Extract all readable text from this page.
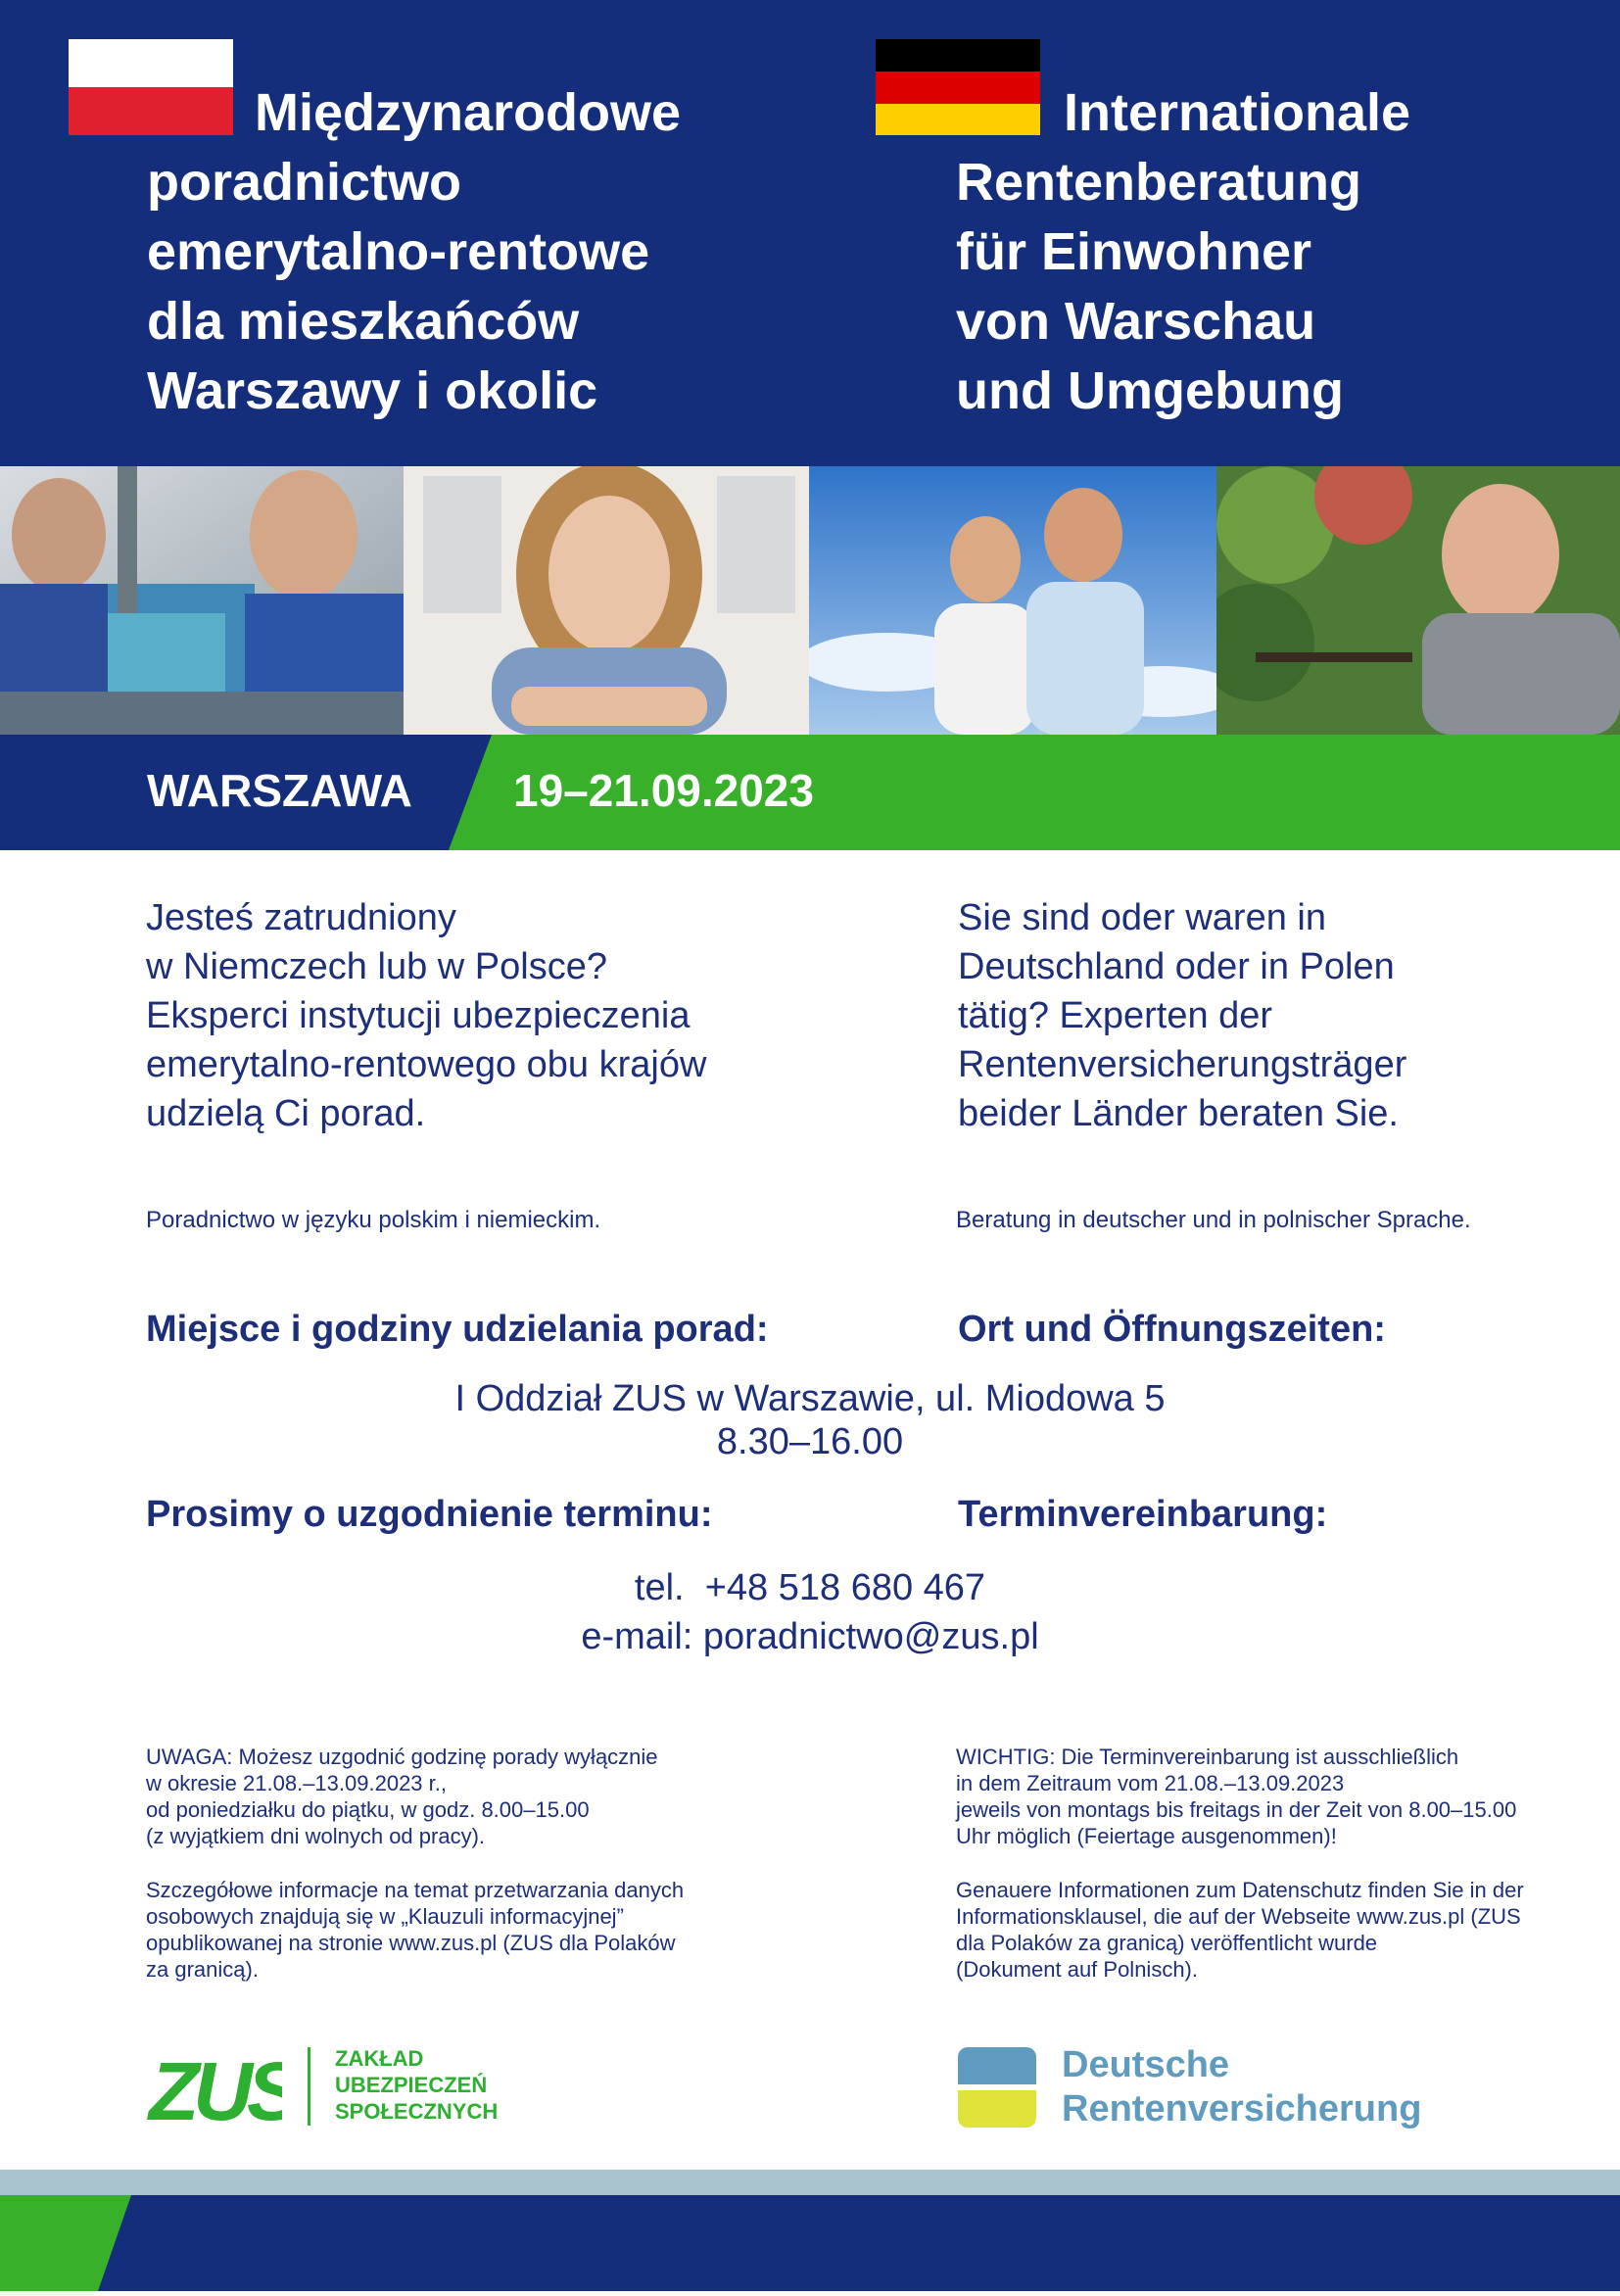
Międzynarodowe
poradnictwo
emerytalno-rentowe
dla mieszkańców
Warszawy i okolic
Internationale
Rentenberatung
für Einwohner
von Warschau
und Umgebung
WARSZAWA 19–21.09.2023
Jesteś zatrudniony
w Niemczech lub w Polsce?
Eksperci instytucji ubezpieczenia
emerytalno-rentowego obu krajów
udzielą Ci porad.
Sie sind oder waren in
Deutschland oder in Polen
tätig? Experten der
Rentenversicherungsträger
beider Länder beraten Sie.
Poradnictwo w języku polskim i niemieckim.	Beratung in deutscher und in polnischer Sprache.
Miejsce i godziny udzielania porad:	Ort und Öffnungszeiten:
I Oddział ZUS w Warszawie, ul. Miodowa 5
8.30–16.00
Prosimy o uzgodnienie terminu:	Terminvereinbarung:
tel.  +48 518 680 467
e-mail: poradnictwo@zus.pl
UWAGA: Możesz uzgodnić godzinę porady wyłącznie
w okresie 21.08.–13.09.2023 r.,
od poniedziałku do piątku, w godz. 8.00–15.00
(z wyjątkiem dni wolnych od pracy).
Szczegółowe informacje na temat przetwarzania danych
osobowych znajdują się w „Klauzuli informacyjnej”
opublikowanej na stronie www.zus.pl (ZUS dla Polaków
za granicą).
WICHTIG: Die Terminvereinbarung ist ausschließlich
in dem Zeitraum vom 21.08.–13.09.2023
jeweils von montags bis freitags in der Zeit von 8.00–15.00
Uhr möglich (Feiertage ausgenommen)!
Genauere Informationen zum Datenschutz finden Sie in der
Informationsklausel, die auf der Webseite www.zus.pl (ZUS
dla Polaków za granicą) veröffentlicht wurde
(Dokument auf Polnisch).
ZUS ZAKŁAD
UBEZPIECZEŃ
SPOŁECZNYCH
Deutsche
Rentenversicherung
